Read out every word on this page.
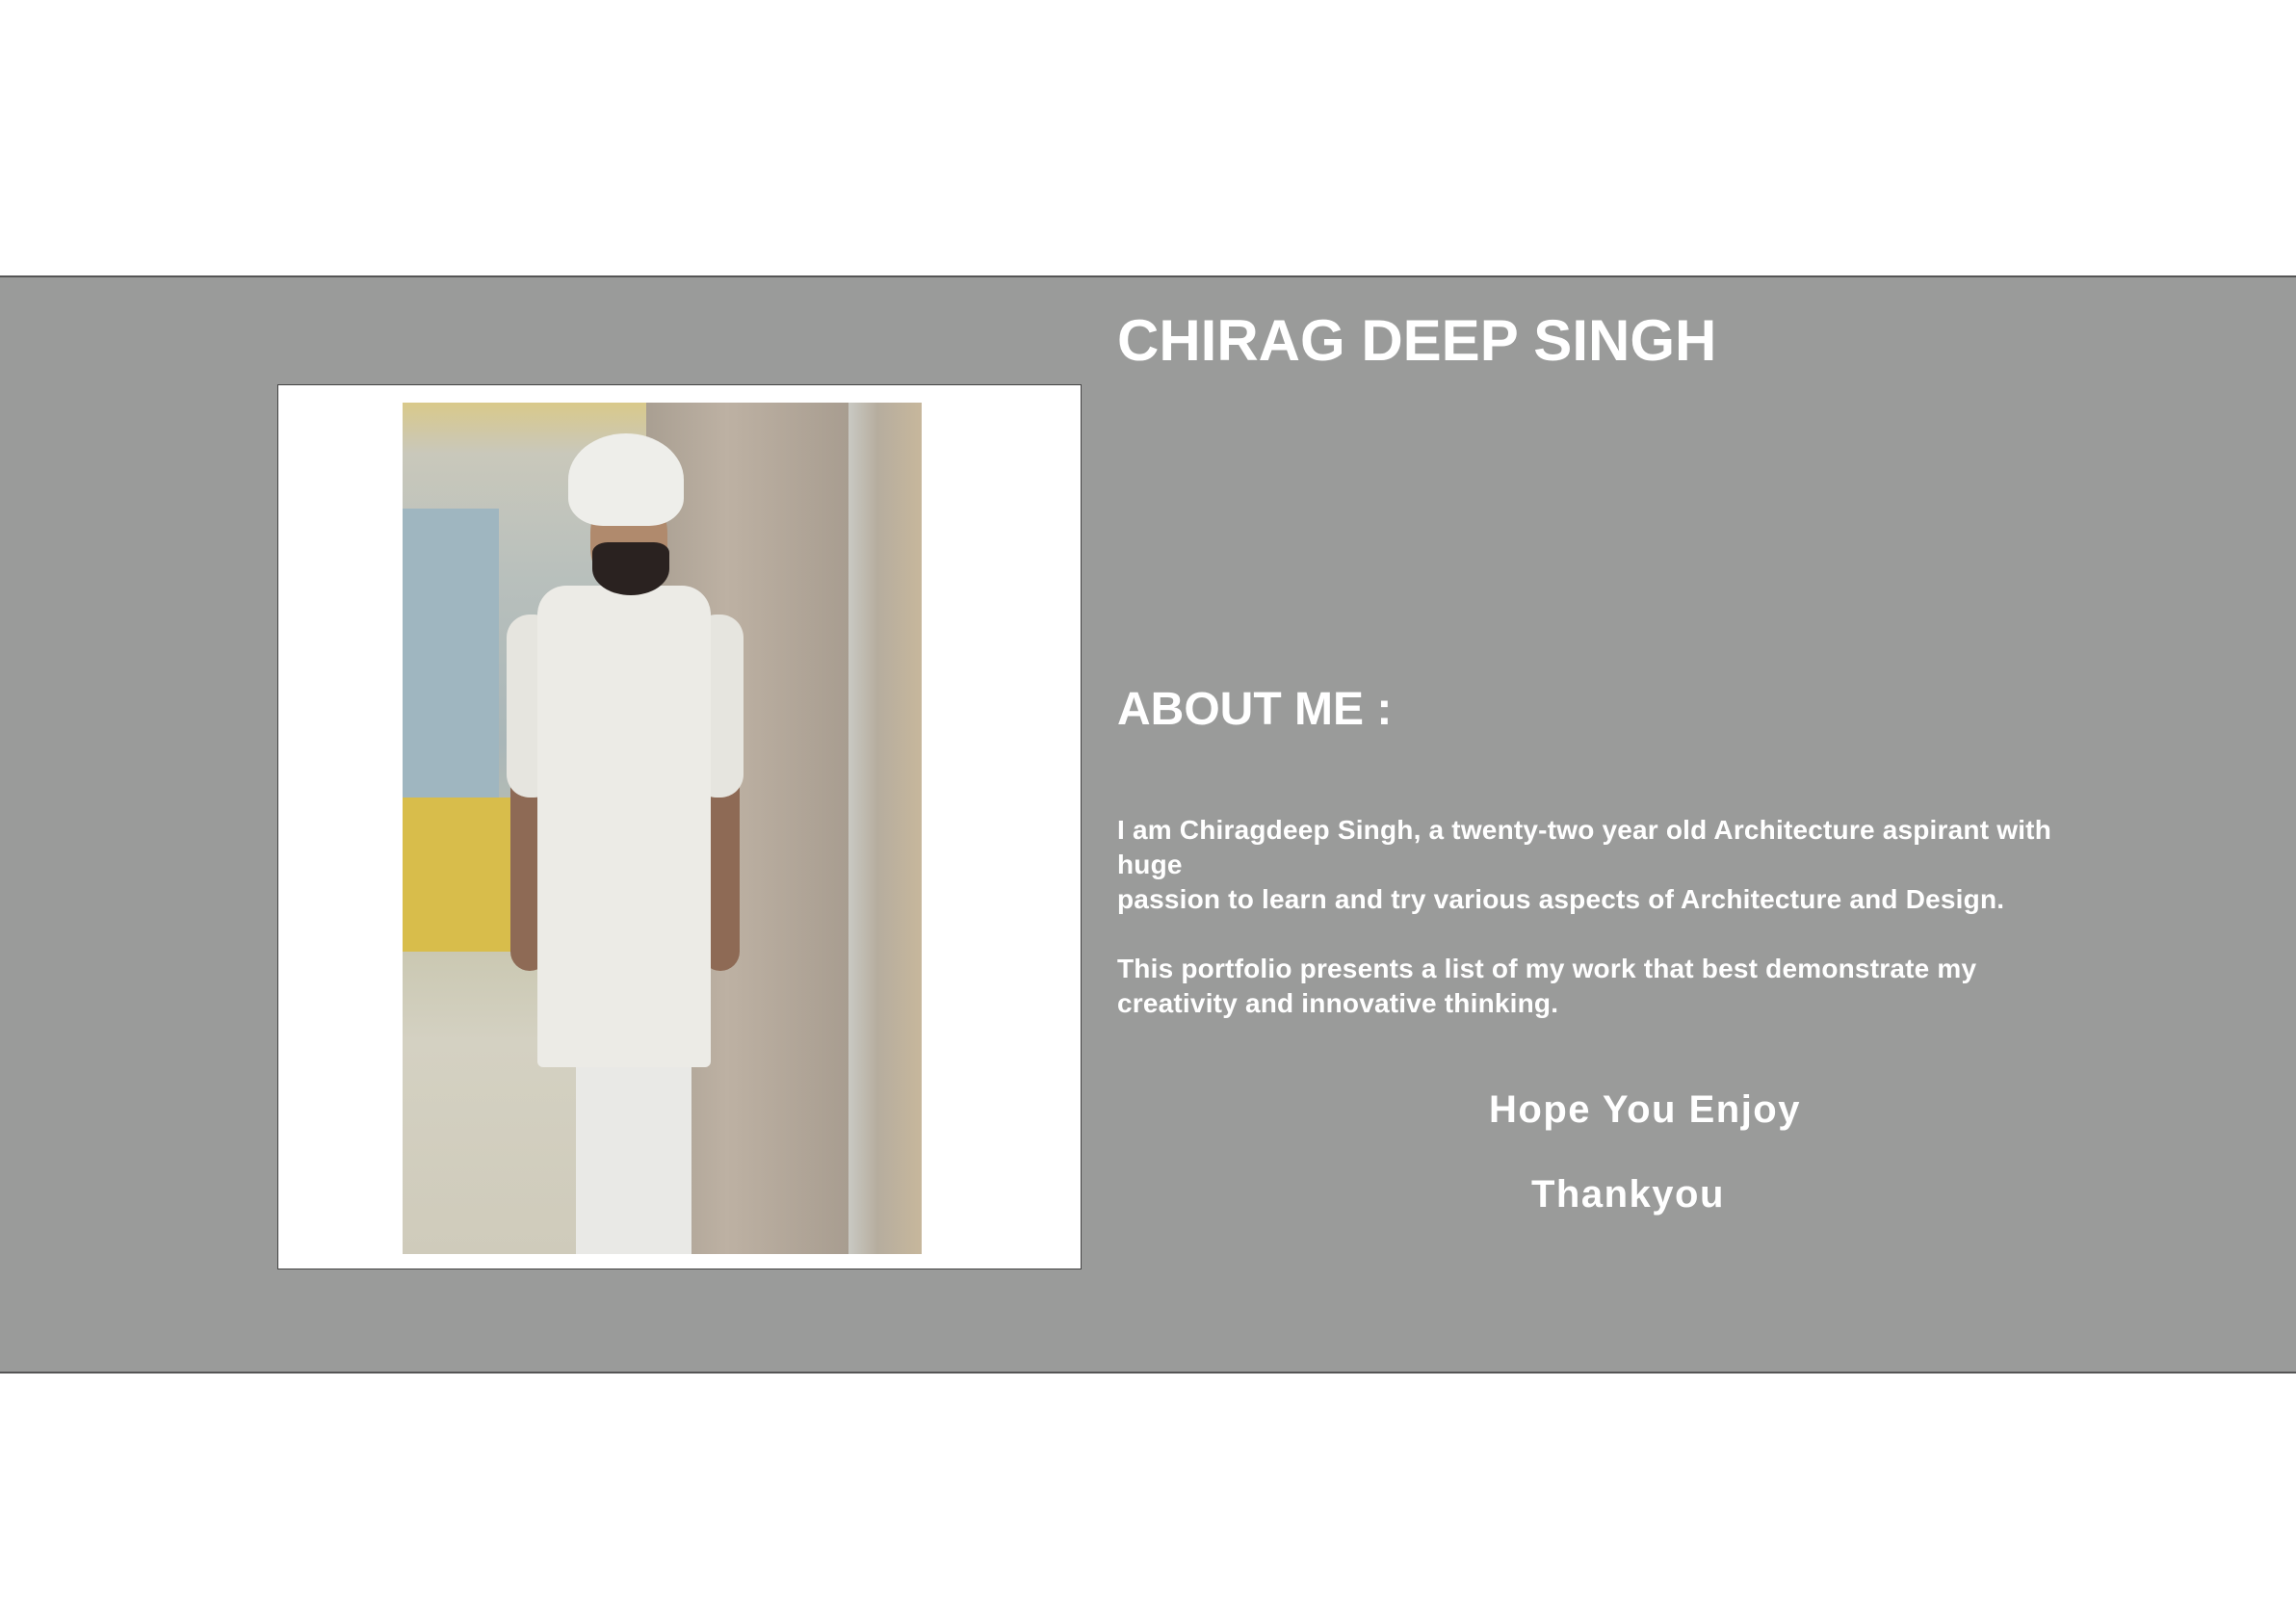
CHIRAG DEEP SINGH
ABOUT ME :

I am Chiragdeep Singh, a twenty-two year old Architecture aspirant with

huge

passion to learn and try various aspects of Architecture and Design.

This portfolio presents a list of my work that best demonstrate my

creativity and innovative thinking.

Hope You Enjoy
Thankyou
